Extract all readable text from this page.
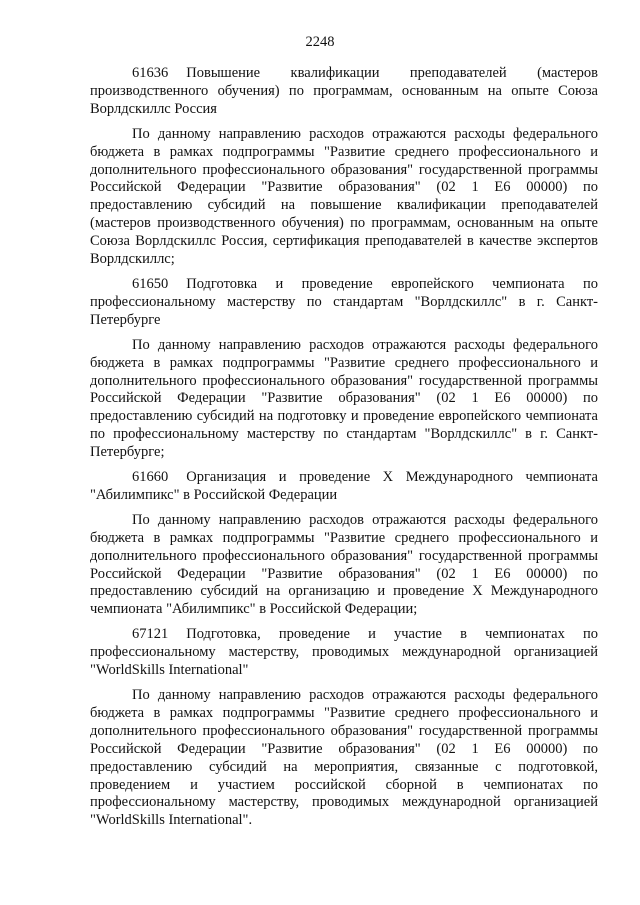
2248

61636 Повышение квалификации преподавателей (мастеров производственного обучения) по программам, основанным на опыте Союза Ворлдскиллс Россия

По данному направлению расходов отражаются расходы федерального бюджета в рамках подпрограммы "Развитие среднего профессионального и дополнительного профессионального образования" государственной программы Российской Федерации "Развитие образования" (02 1 Е6 00000) по предоставлению субсидий на повышение квалификации преподавателей (мастеров производственного обучения) по программам, основанным на опыте Союза Ворлдскиллс Россия, сертификация преподавателей в качестве экспертов Ворлдскиллс;

61650 Подготовка и проведение европейского чемпионата по профессиональному мастерству по стандартам "Ворлдскиллс" в г. Санкт-Петербурге

По данному направлению расходов отражаются расходы федерального бюджета в рамках подпрограммы "Развитие среднего профессионального и дополнительного профессионального образования" государственной программы Российской Федерации "Развитие образования" (02 1 Е6 00000) по предоставлению субсидий на подготовку и проведение европейского чемпионата по профессиональному мастерству по стандартам "Ворлдскиллс" в г. Санкт-Петербурге;

61660 Организация и проведение X Международного чемпионата "Абилимпикс" в Российской Федерации

По данному направлению расходов отражаются расходы федерального бюджета в рамках подпрограммы "Развитие среднего профессионального и дополнительного профессионального образования" государственной программы Российской Федерации "Развитие образования" (02 1 Е6 00000) по предоставлению субсидий на организацию и проведение X Международного чемпионата "Абилимпикс" в Российской Федерации;

67121 Подготовка, проведение и участие в чемпионатах по профессиональному мастерству, проводимых международной организацией "WorldSkills International"

По данному направлению расходов отражаются расходы федерального бюджета в рамках подпрограммы "Развитие среднего профессионального и дополнительного профессионального образования" государственной программы Российской Федерации "Развитие образования" (02 1 Е6 00000) по предоставлению субсидий на мероприятия, связанные с подготовкой, проведением и участием российской сборной в чемпионатах по профессиональному мастерству, проводимых международной организацией "WorldSkills International".
